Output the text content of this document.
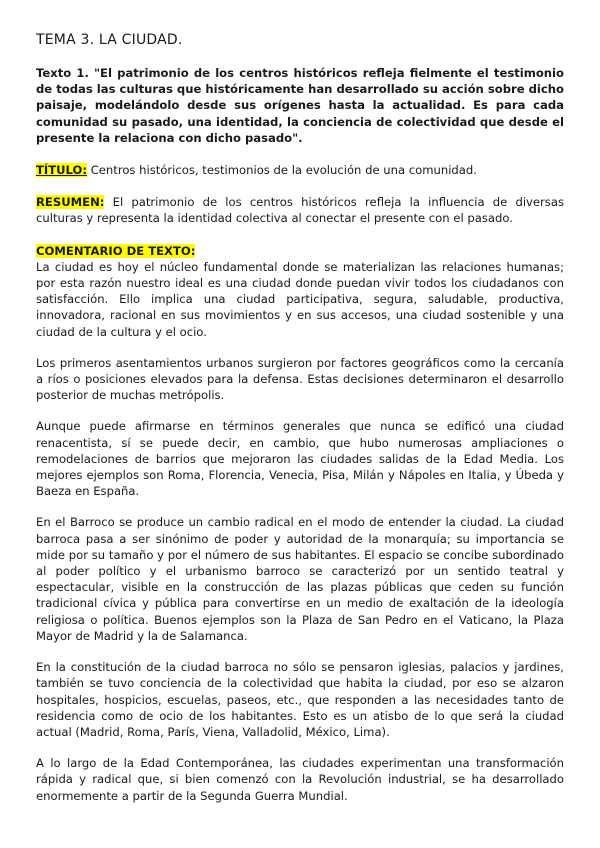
TEMA 3. LA CIUDAD.

Texto 1. "El patrimonio de los centros históricos refleja fielmente el testimonio de todas las culturas que históricamente han desarrollado su acción sobre dicho paisaje, modelándolo desde sus orígenes hasta la actualidad. Es para cada comunidad su pasado, una identidad, la conciencia de colectividad que desde el presente la relaciona con dicho pasado".

TÍTULO: Centros históricos, testimonios de la evolución de una comunidad.

RESUMEN: El patrimonio de los centros históricos refleja la influencia de diversas culturas y representa la identidad colectiva al conectar el presente con el pasado.

COMENTARIO DE TEXTO:

La ciudad es hoy el núcleo fundamental donde se materializan las relaciones humanas; por esta razón nuestro ideal es una ciudad donde puedan vivir todos los ciudadanos con satisfacción. Ello implica una ciudad participativa, segura, saludable, productiva, innovadora, racional en sus movimientos y en sus accesos, una ciudad sostenible y una ciudad de la cultura y el ocio.

Los primeros asentamientos urbanos surgieron por factores geográficos como la cercanía a ríos o posiciones elevados para la defensa. Estas decisiones determinaron el desarrollo posterior de muchas metrópolis.

Aunque puede afirmarse en términos generales que nunca se edificó una ciudad renacentista, sí se puede decir, en cambio, que hubo numerosas ampliaciones o remodelaciones de barrios que mejoraron las ciudades salidas de la Edad Media. Los mejores ejemplos son Roma, Florencia, Venecia, Pisa, Milán y Nápoles en Italia, y Úbeda y Baeza en España.

En el Barroco se produce un cambio radical en el modo de entender la ciudad. La ciudad barroca pasa a ser sinónimo de poder y autoridad de la monarquía; su importancia se mide por su tamaño y por el número de sus habitantes. El espacio se concibe subordinado al poder político y el urbanismo barroco se caracterizó por un sentido teatral y espectacular, visible en la construcción de las plazas públicas que ceden su función tradicional cívica y pública para convertirse en un medio de exaltación de la ideología religiosa o política. Buenos ejemplos son la Plaza de San Pedro en el Vaticano, la Plaza Mayor de Madrid y la de Salamanca.

En la constitución de la ciudad barroca no sólo se pensaron iglesias, palacios y jardines, también se tuvo conciencia de la colectividad que habita la ciudad, por eso se alzaron hospitales, hospicios, escuelas, paseos, etc., que responden a las necesidades tanto de residencia como de ocio de los habitantes. Esto es un atisbo de lo que será la ciudad actual (Madrid, Roma, París, Viena, Valladolid, México, Lima).

A lo largo de la Edad Contemporánea, las ciudades experimentan una transformación rápida y radical que, si bien comenzó con la Revolución industrial, se ha desarrollado enormemente a partir de la Segunda Guerra Mundial.
